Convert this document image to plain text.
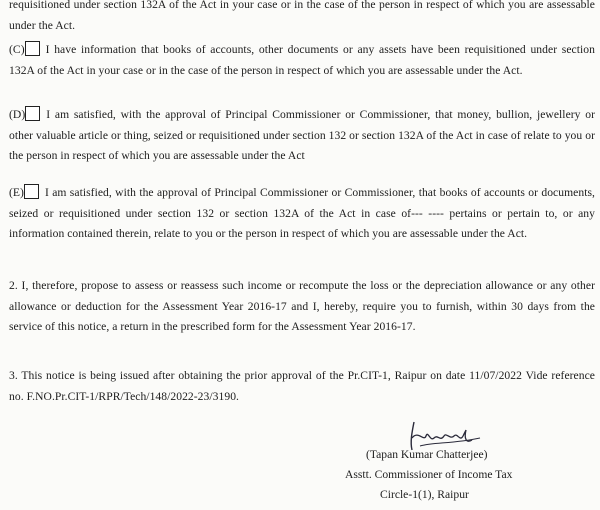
requisitioned under section 132A of the Act in your case or in the case of the person in respect of which you are assessable under the Act.

(C) I have information that books of accounts, other documents or any assets have been requisitioned under section 132A of the Act in your case or in the case of the person in respect of which you are assessable under the Act.

(D) I am satisfied, with the approval of Principal Commissioner or Commissioner, that money, bullion, jewellery or other valuable article or thing, seized or requisitioned under section 132 or section 132A of the Act in case of relate to you or the person in respect of which you are assessable under the Act

(E) I am satisfied, with the approval of Principal Commissioner or Commissioner, that books of accounts or documents, seized or requisitioned under section 132 or section 132A of the Act in case of--- ---- pertains or pertain to, or any information contained therein, relate to you or the person in respect of which you are assessable under the Act.

2. I, therefore, propose to assess or reassess such income or recompute the loss or the depreciation allowance or any other allowance or deduction for the Assessment Year 2016-17 and I, hereby, require you to furnish, within 30 days from the service of this notice, a return in the prescribed form for the Assessment Year 2016-17.

3. This notice is being issued after obtaining the prior approval of the Pr.CIT-1, Raipur on date 11/07/2022 Vide reference no. F.NO.Pr.CIT-1/RPR/Tech/148/2022-23/3190.

(Tapan Kumar Chatterjee)
Asstt. Commissioner of Income Tax
Circle-1(1), Raipur
